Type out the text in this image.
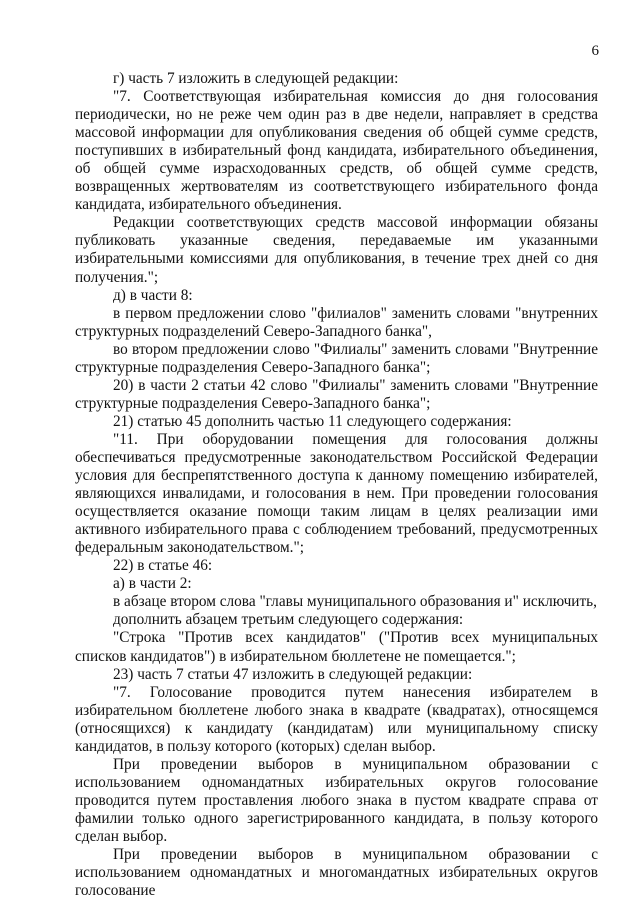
6

г) часть 7 изложить в следующей редакции:

"7. Соответствующая избирательная комиссия до дня голосования периодически, но не реже чем один раз в две недели, направляет в средства массовой информации для опубликования сведения об общей сумме средств, поступивших в избирательный фонд кандидата, избирательного объединения, об общей сумме израсходованных средств, об общей сумме средств, возвращенных жертвователям из соответствующего избирательного фонда кандидата, избирательного объединения.

Редакции соответствующих средств массовой информации обязаны публиковать указанные сведения, передаваемые им указанными избирательными комиссиями для опубликования, в течение трех дней со дня получения.";

д) в части 8:

в первом предложении слово "филиалов" заменить словами "внутренних структурных подразделений Северо-Западного банка",

во втором предложении слово "Филиалы" заменить словами "Внутренние структурные подразделения Северо-Западного банка";

20) в части 2 статьи 42 слово "Филиалы" заменить словами "Внутренние структурные подразделения Северо-Западного банка";

21) статью 45 дополнить частью 11 следующего содержания:

"11. При оборудовании помещения для голосования должны обеспечиваться предусмотренные законодательством Российской Федерации условия для беспрепятственного доступа к данному помещению избирателей, являющихся инвалидами, и голосования в нем. При проведении голосования осуществляется оказание помощи таким лицам в целях реализации ими активного избирательного права с соблюдением требований, предусмотренных федеральным законодательством.";

22) в статье 46:

а) в части 2:

в абзаце втором слова "главы муниципального образования и" исключить,

дополнить абзацем третьим следующего содержания:

"Строка "Против всех кандидатов" ("Против всех муниципальных списков кандидатов") в избирательном бюллетене не помещается.";

23) часть 7 статьи 47 изложить в следующей редакции:

"7. Голосование проводится путем нанесения избирателем в избирательном бюллетене любого знака в квадрате (квадратах), относящемся (относящихся) к кандидату (кандидатам) или муниципальному списку кандидатов, в пользу которого (которых) сделан выбор.

При проведении выборов в муниципальном образовании с использованием одномандатных избирательных округов голосование проводится путем проставления любого знака в пустом квадрате справа от фамилии только одного зарегистрированного кандидата, в пользу которого сделан выбор.

При проведении выборов в муниципальном образовании с использованием одномандатных и многомандатных избирательных округов голосование
